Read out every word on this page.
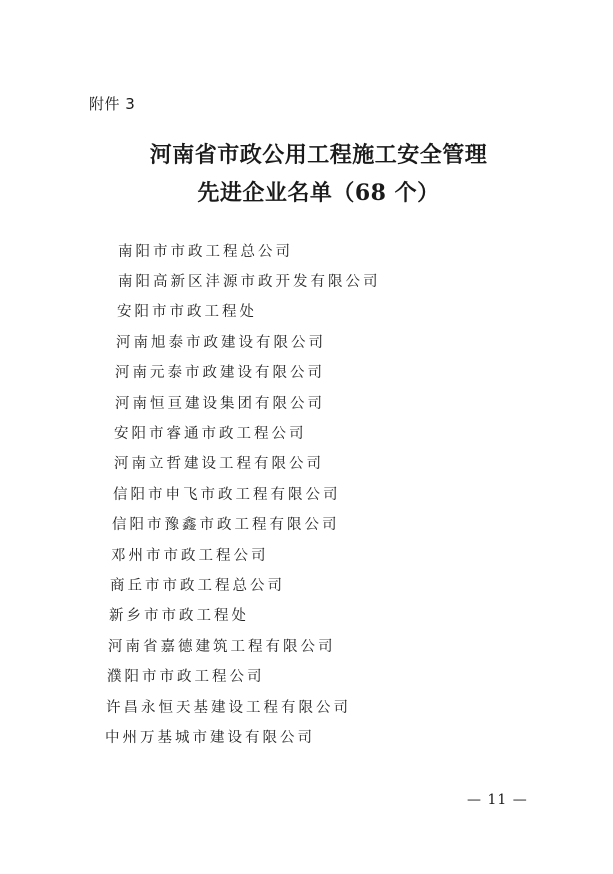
附件 3
河南省市政公用工程施工安全管理
先进企业名单（68 个）
南阳市市政工程总公司
南阳高新区沣源市政开发有限公司
安阳市市政工程处
河南旭泰市政建设有限公司
河南元泰市政建设有限公司
河南恒亘建设集团有限公司
安阳市睿通市政工程公司
河南立哲建设工程有限公司
信阳市申飞市政工程有限公司
信阳市豫鑫市政工程有限公司
邓州市市政工程公司
商丘市市政工程总公司
新乡市市政工程处
河南省嘉德建筑工程有限公司
濮阳市市政工程公司
许昌永恒天基建设工程有限公司
中州万基城市建设有限公司
— 11 —
